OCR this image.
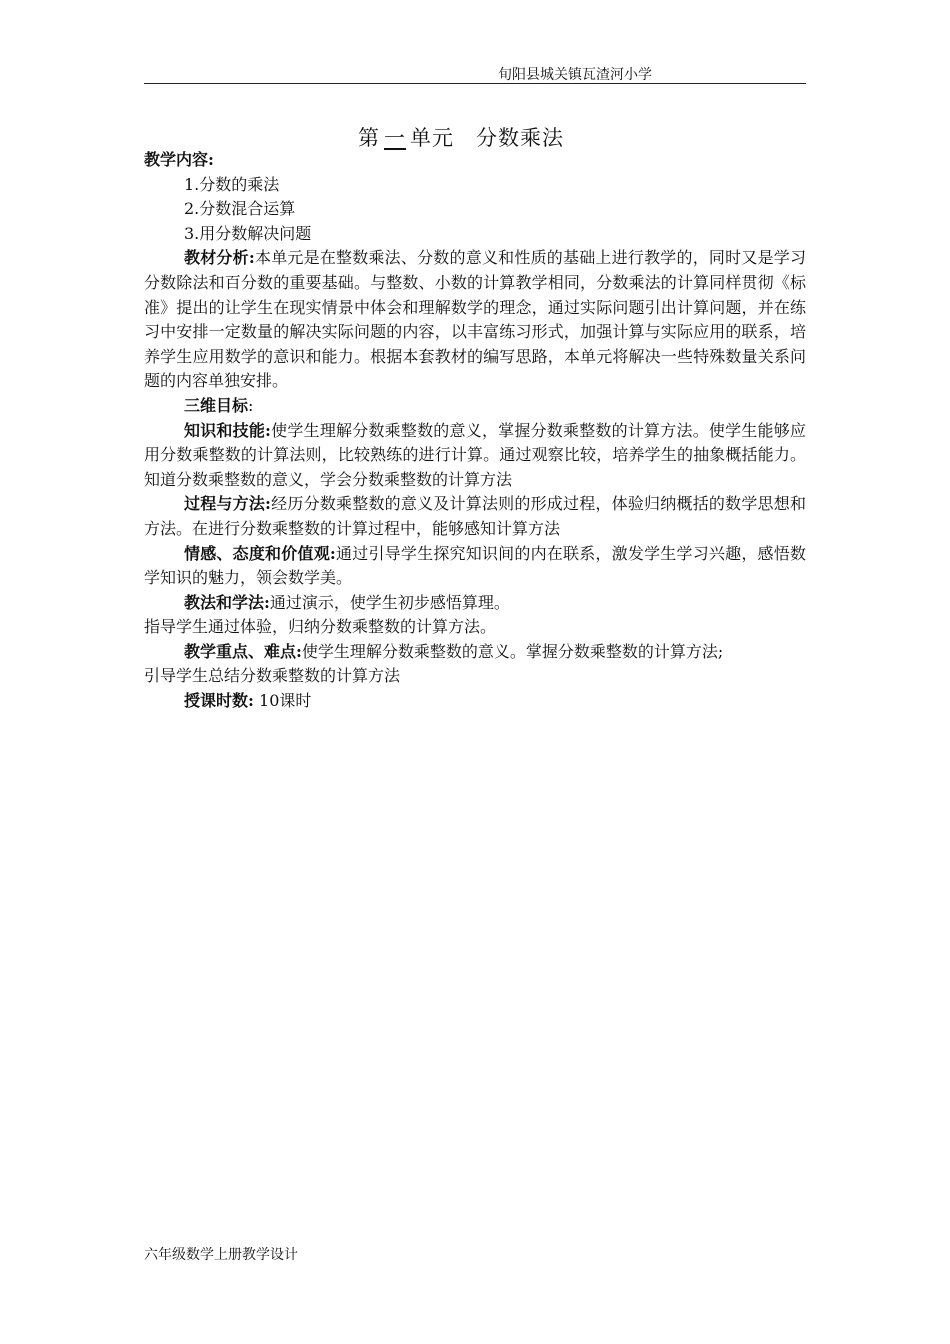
旬阳县城关镇瓦渣河小学
第 一 单元 分数乘法

教学内容:

1.分数的乘法

2.分数混合运算

3.用分数解决问题

教材分析:本单元是在整数乘法、分数的意义和性质的基础上进行教学的，同时又是学习分数除法和百分数的重要基础。与整数、小数的计算教学相同，分数乘法的计算同样贯彻《标准》提出的让学生在现实情景中体会和理解数学的理念，通过实际问题引出计算问题，并在练习中安排一定数量的解决实际问题的内容，以丰富练习形式，加强计算与实际应用的联系，培养学生应用数学的意识和能力。根据本套教材的编写思路，本单元将解决一些特殊数量关系问题的内容单独安排。

三维目标:

知识和技能:使学生理解分数乘整数的意义，掌握分数乘整数的计算方法。使学生能够应用分数乘整数的计算法则，比较熟练的进行计算。通过观察比较，培养学生的抽象概括能力。知道分数乘整数的意义，学会分数乘整数的计算方法

过程与方法:经历分数乘整数的意义及计算法则的形成过程，体验归纳概括的数学思想和方法。在进行分数乘整数的计算过程中，能够感知计算方法

情感、态度和价值观:通过引导学生探究知识间的内在联系，激发学生学习兴趣，感悟数学知识的魅力，领会数学美。

教法和学法:通过演示，使学生初步感悟算理。

指导学生通过体验，归纳分数乘整数的计算方法。

教学重点、难点:使学生理解分数乘整数的意义。掌握分数乘整数的计算方法;

引导学生总结分数乘整数的计算方法

授课时数: 10课时

六年级数学上册教学设计
